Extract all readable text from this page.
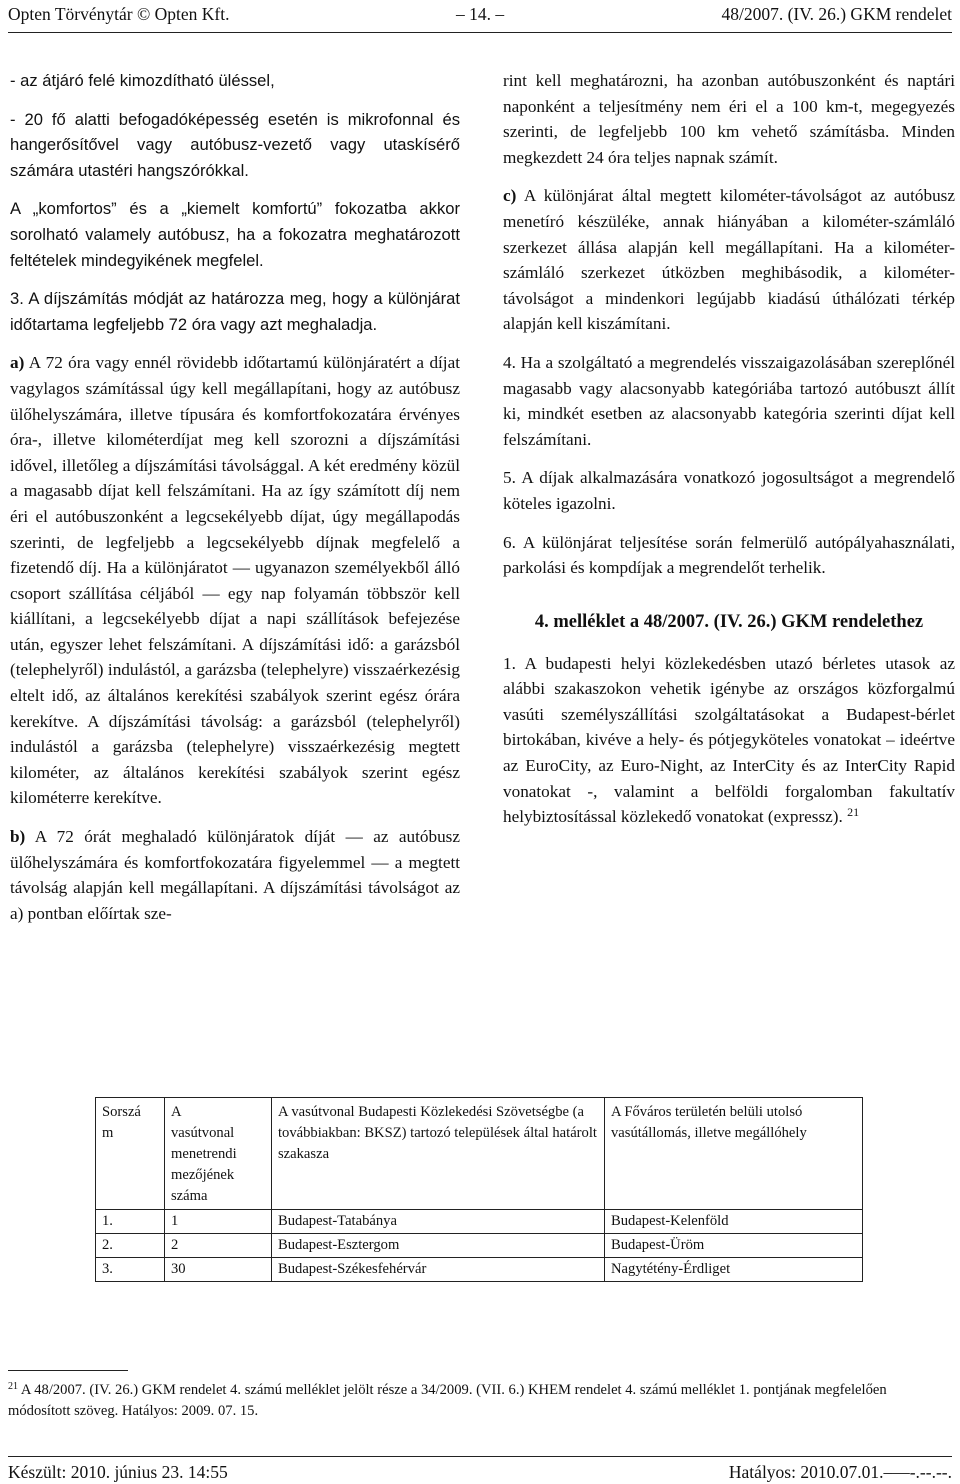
Opten Törvénytár © Opten Kft.	– 14. –	48/2007. (IV. 26.) GKM rendelet

- az átjáró felé kimozdítható üléssel,

- 20 fő alatti befogadóképesség esetén is mikrofonnal és hangerősítővel vagy autóbusz-vezető vagy utaskísérő számára utastéri hangszórókkal.

A „komfortos” és a „kiemelt komfortú” fokozatba akkor sorolható valamely autóbusz, ha a fokozatra meghatározott feltételek mindegyikének megfelel.

3. A díjszámítás módját az határozza meg, hogy a különjárat időtartama legfeljebb 72 óra vagy azt meghaladja.

a) A 72 óra vagy ennél rövidebb időtartamú különjáratért a díjat vagylagos számítással úgy kell megállapítani, hogy az autóbusz ülőhelyszámára, illetve típusára és komfortfokozatára érvényes óra-, illetve kilométerdíjat meg kell szorozni a díjszámítási idővel, illetőleg a díjszámítási távolsággal. A két eredmény közül a magasabb díjat kell felszámítani. Ha az így számított díj nem éri el autóbuszonként a legcsekélyebb díjat, úgy megállapodás szerinti, de legfeljebb a legcsekélyebb díjnak megfelelő a fizetendő díj. Ha a különjáratot — ugyanazon személyekből álló csoport szállítása céljából — egy nap folyamán többször kell kiállítani, a legcsekélyebb díjat a napi szállítások befejezése után, egyszer lehet felszámítani. A díjszámítási idő: a garázsból (telephelyről) indulástól, a garázsba (telephelyre) visszaérkezésig eltelt idő, az általános kerekítési szabályok szerint egész órára kerekítve. A díjszámítási távolság: a garázsból (telephelyről) indulástól a garázsba (telephelyre) visszaérkezésig megtett kilométer, az általános kerekítési szabályok szerint egész kilométerre kerekítve.

b) A 72 órát meghaladó különjáratok díját — az autóbusz ülőhelyszámára és komfortfokozatára figyelemmel — a megtett távolság alapján kell megállapítani. A díjszámítási távolságot az a) pontban előírtak sze-

rint kell meghatározni, ha azonban autóbuszonként és naptári naponként a teljesítmény nem éri el a 100 km-t, megegyezés szerinti, de legfeljebb 100 km vehető számításba. Minden megkezdett 24 óra teljes napnak számít.

c) A különjárat által megtett kilométer-távolságot az autóbusz menetíró készüléke, annak hiányában a kilométer-számláló szerkezet állása alapján kell megállapítani. Ha a kilométer-számláló szerkezet útközben meghibásodik, a kilométer-távolságot a mindenkori legújabb kiadású úthálózati térkép alapján kell kiszámítani.

4. Ha a szolgáltató a megrendelés visszaigazolásában szereplőnél magasabb vagy alacsonyabb kategóriába tartozó autóbuszt állít ki, mindkét esetben az alacsonyabb kategória szerinti díjat kell felszámítani.

5. A díjak alkalmazására vonatkozó jogosultságot a megrendelő köteles igazolni.

6. A különjárat teljesítése során felmerülő autópályahasználati, parkolási és kompdíjak a megrendelőt terhelik.

4. melléklet a 48/2007. (IV. 26.) GKM rendelethez

1. A budapesti helyi közlekedésben utazó bérletes utasok az alábbi szakaszokon vehetik igénybe az országos közforgalmú vasúti személyszállítási szolgáltatásokat a Budapest-bérlet birtokában, kivéve a hely- és pótjegyköteles vonatokat – ideértve az EuroCity, az Euro-Night, az InterCity és az InterCity Rapid vonatokat -, valamint a belföldi forgalomban fakultatív helybiztosítással közlekedő vonatokat (expressz). $^{21}$

Sorszám	A vasútvonal menetrendi mezőjének száma	A vasútvonal Budapesti Közlekedési Szövetségbe (a továbbiakban: BKSZ) tartozó települések által határolt szakasza	A Főváros területén belüli utolsó vasútállomás, illetve megállóhely
1.	1	Budapest-Tatabánya	Budapest-Kelenföld
2.	2	Budapest-Esztergom	Budapest-Üröm
3.	30	Budapest-Székesfehérvár	Nagytétény-Érdliget
$^{21}$ A 48/2007. (IV. 26.) GKM rendelet 4. számú melléklet jelölt része a 34/2009. (VII. 6.) KHEM rendelet 4. számú melléklet 1. pontjának megfelelően módosított szöveg. Hatályos: 2009. 07. 15.
Készült: 2010. június 23. 14:55	Hatályos: 2010.07.01.–—-.--.--.
